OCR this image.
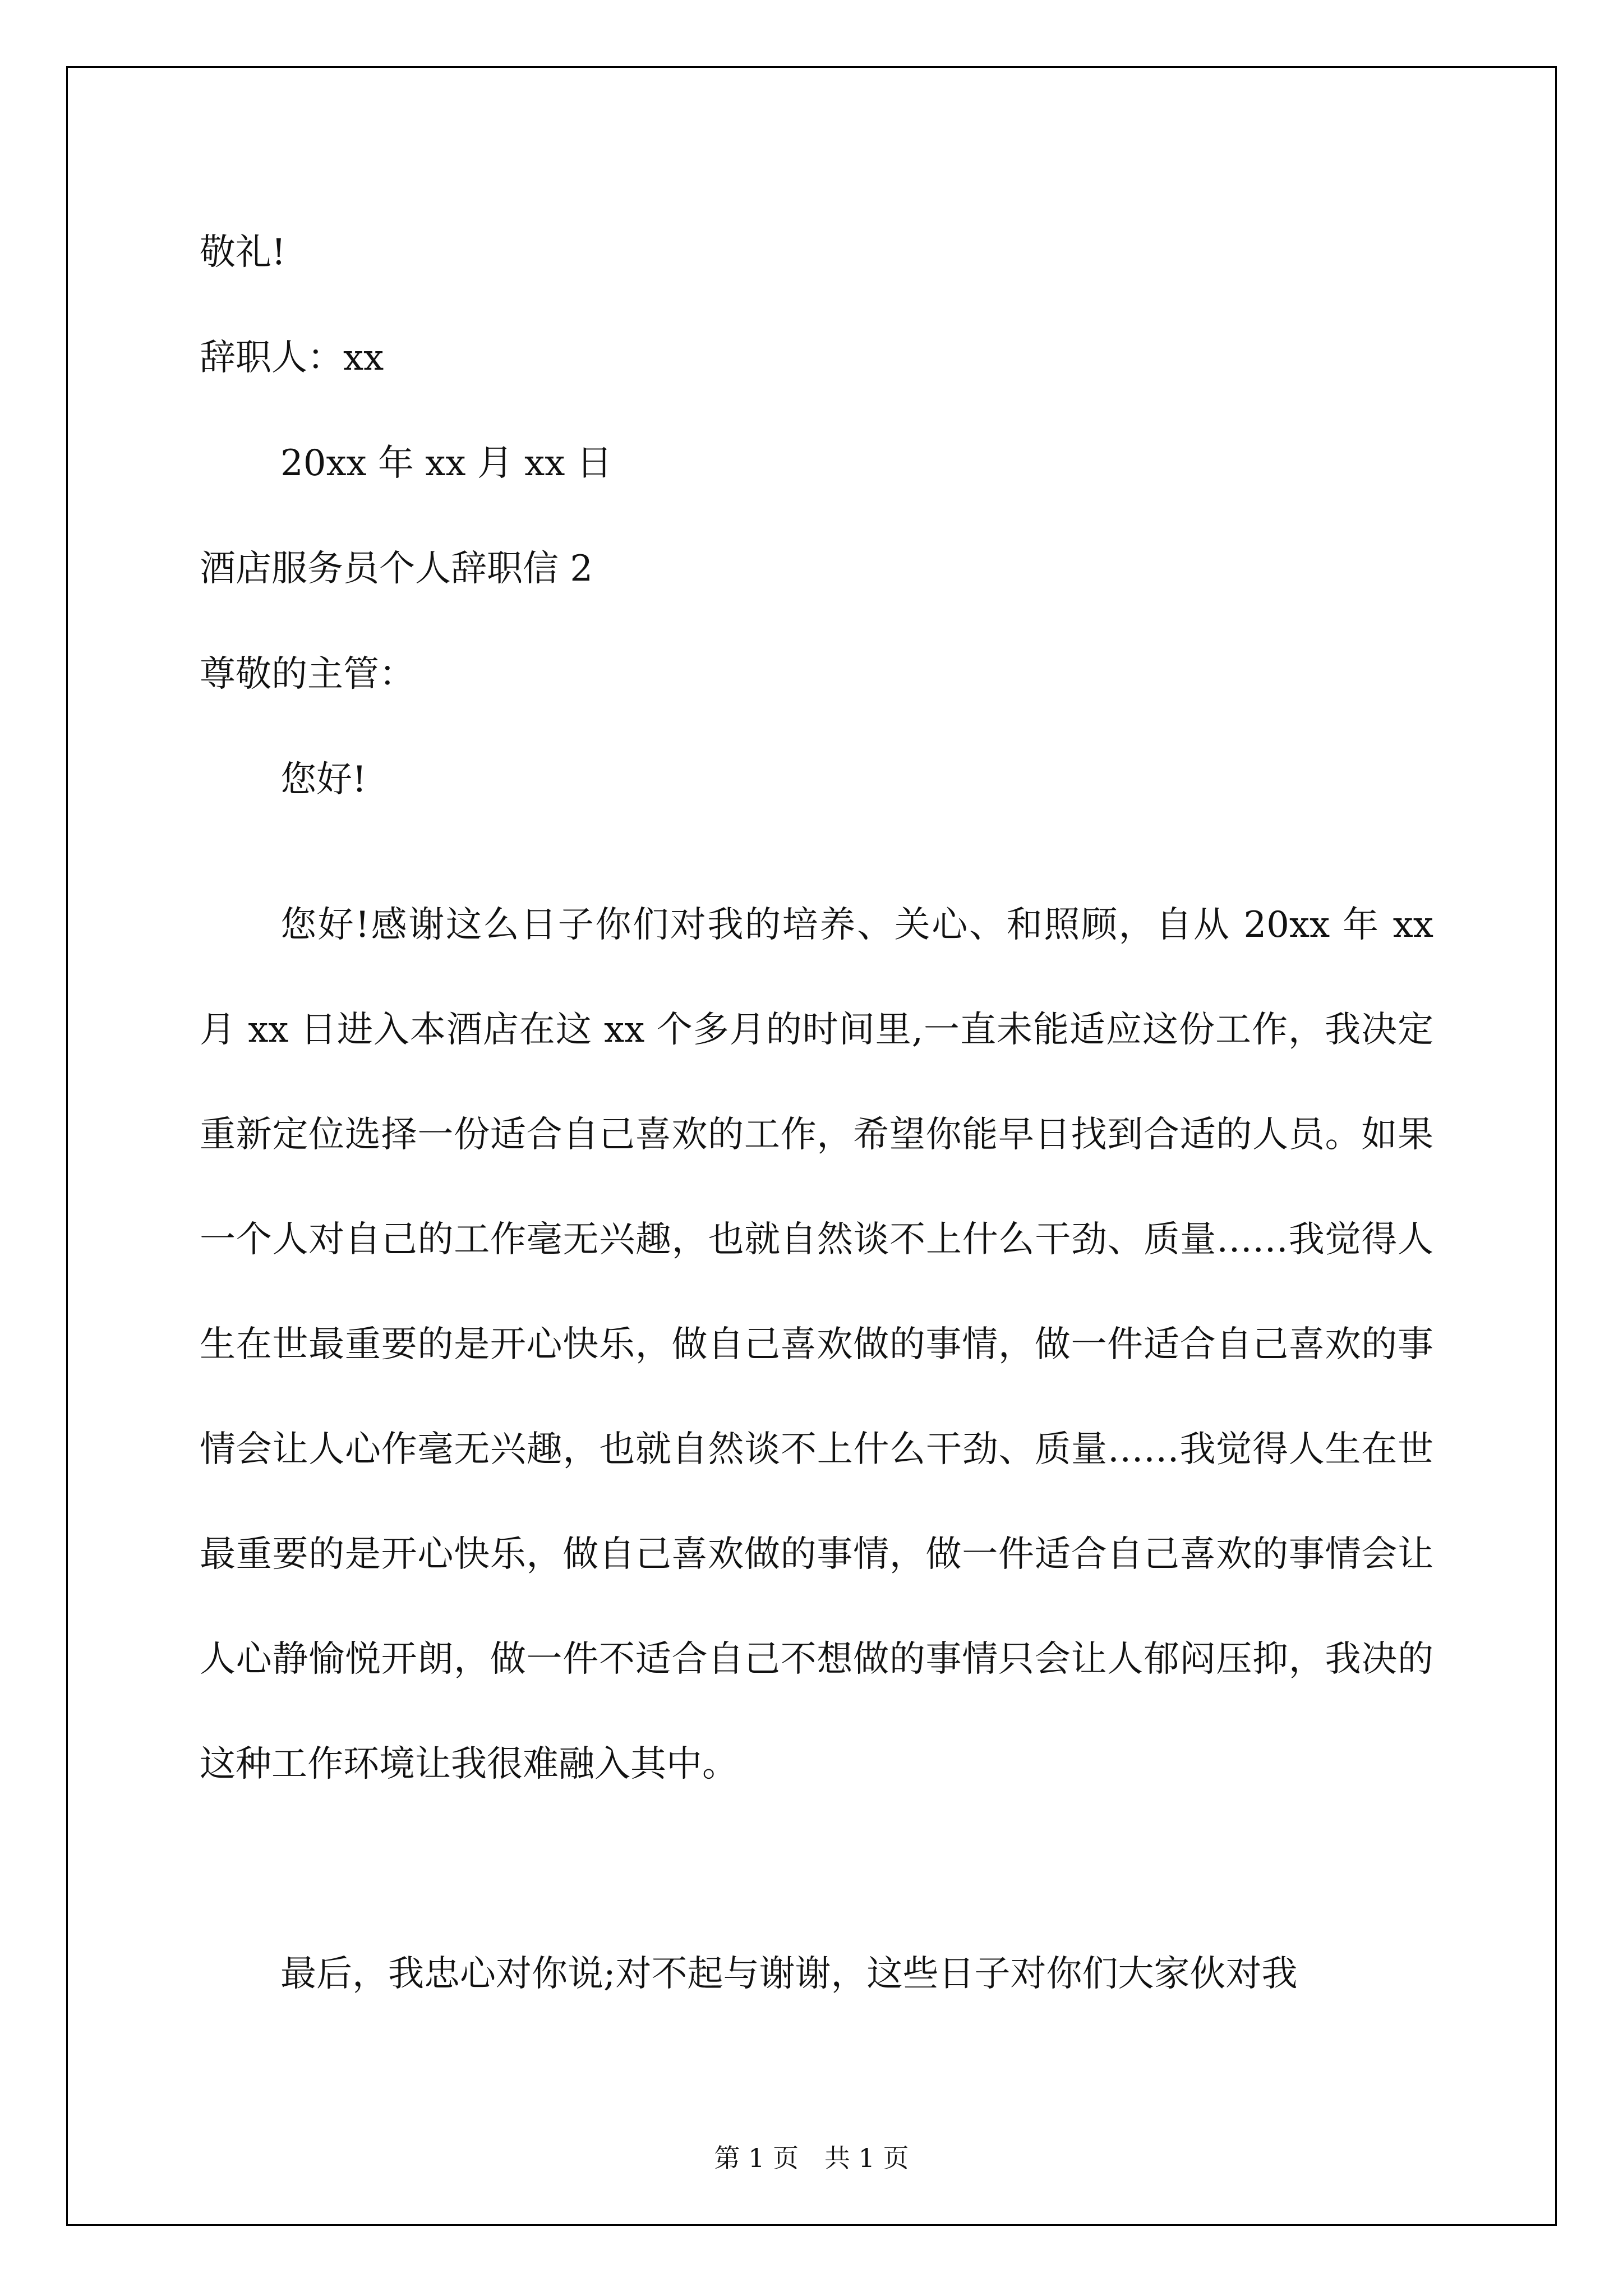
敬礼!
辞职人：xx
20xx 年 xx 月 xx 日
酒店服务员个人辞职信 2
尊敬的主管：
您好!
您好!感谢这么日子你们对我的培养、关心、和照顾，自从 20xx 年 xx 月 xx 日进入本酒店在这 xx 个多月的时间里,一直未能适应这份工作，我决定重新定位选择一份适合自己喜欢的工作，希望你能早日找到合适的人员。如果一个人对自己的工作毫无兴趣，也就自然谈不上什么干劲、质量……我觉得人生在世最重要的是开心快乐，做自己喜欢做的事情，做一件适合自己喜欢的事情会让人心作毫无兴趣，也就自然谈不上什么干劲、质量……我觉得人生在世最重要的是开心快乐，做自己喜欢做的事情，做一件适合自己喜欢的事情会让人心静愉悦开朗，做一件不适合自己不想做的事情只会让人郁闷压抑，我决的这种工作环境让我很难融入其中。
最后，我忠心对你说;对不起与谢谢，这些日子对你们大家伙对我
第 1 页　共 1 页
